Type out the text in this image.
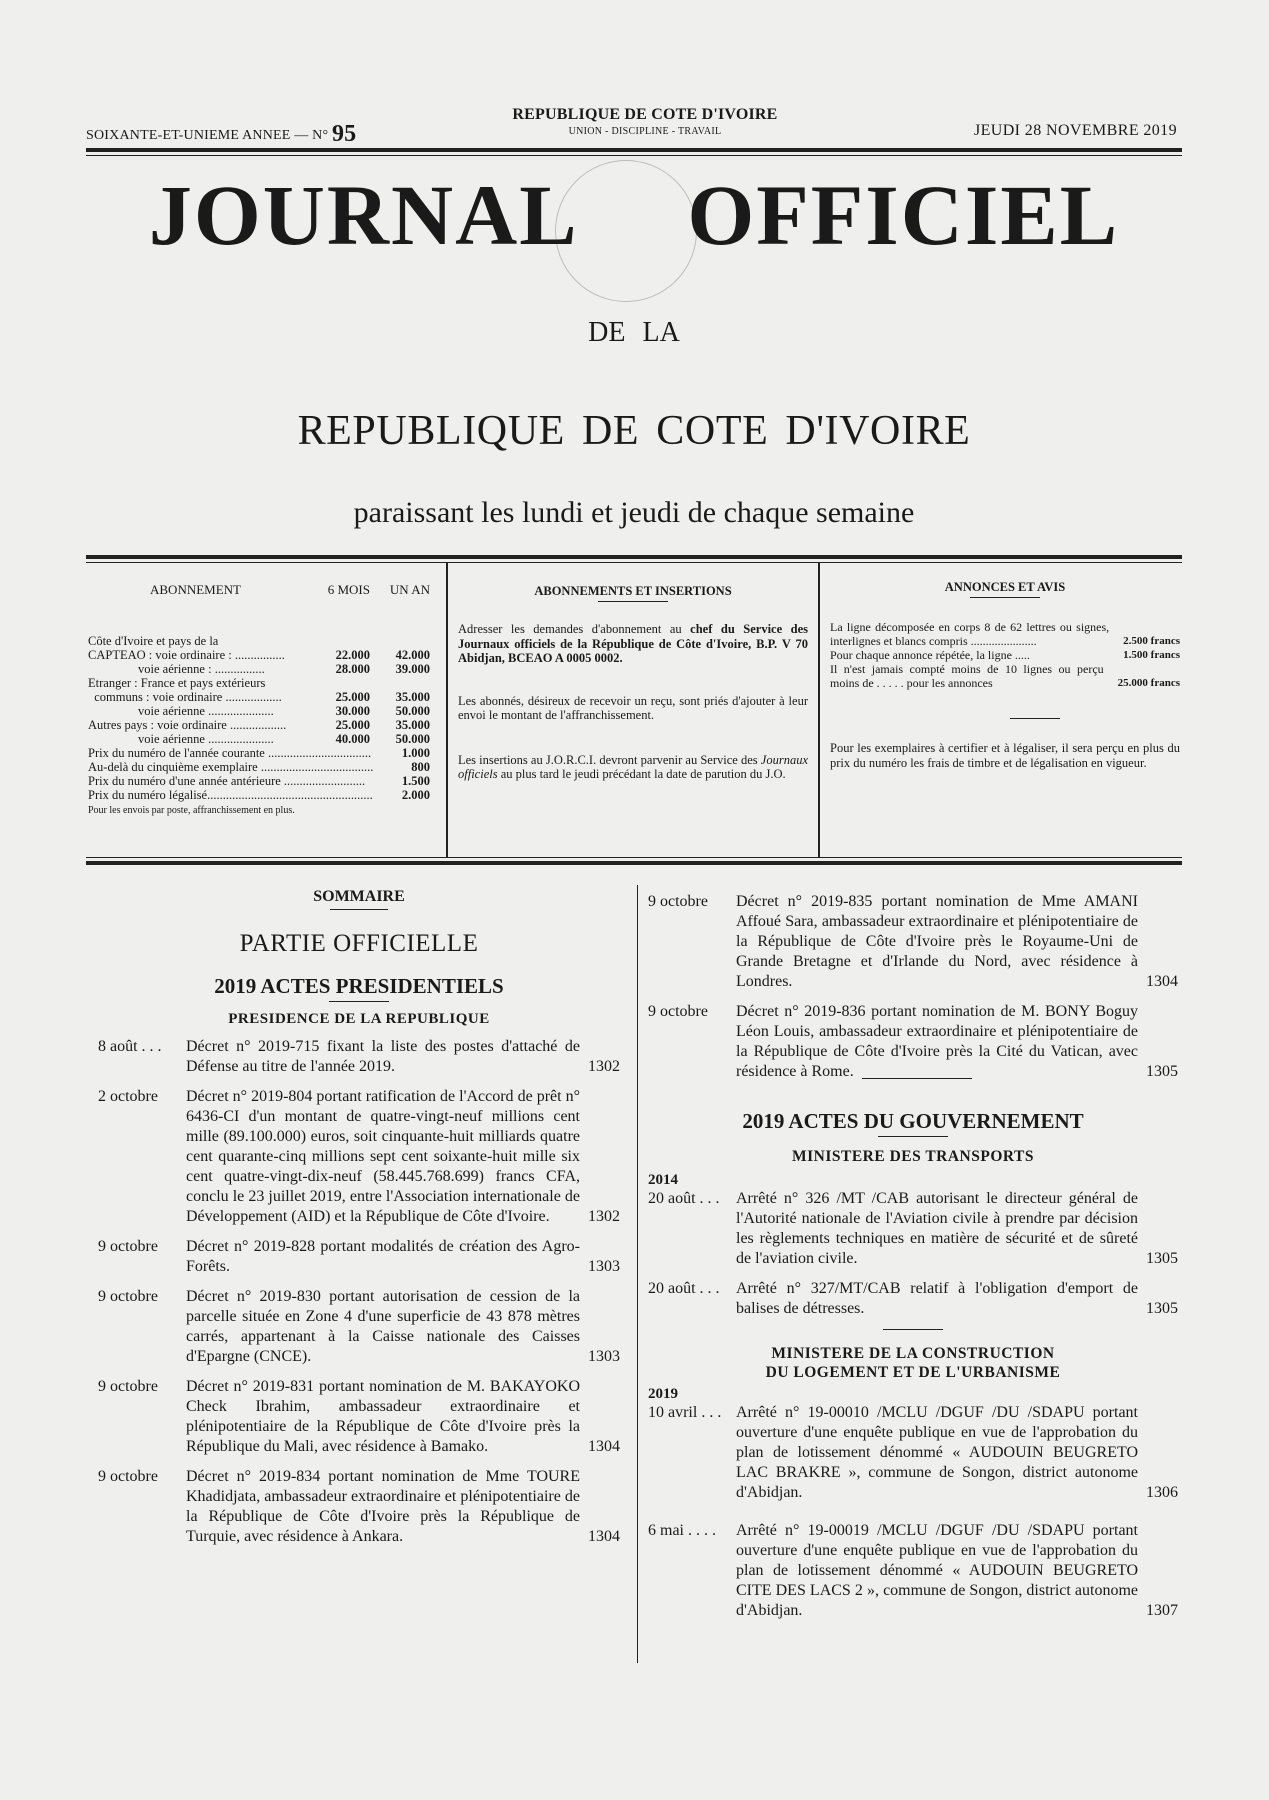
SOIXANTE-ET-UNIEME ANNEE — N° 95
REPUBLIQUE DE COTE D'IVOIRE
UNION - DISCIPLINE - TRAVAIL	JEUDI 28 NOVEMBRE 2019
JOURNAL OFFICIEL
DE LA
REPUBLIQUE DE COTE D'IVOIRE
paraissant les lundi et jeudi de chaque semaine
ABONNEMENT	6 MOIS	UN AN
Côte d'Ivoire et pays de la
CAPTEAO : voie ordinaire : ................	22.000	42.000
voie aérienne : ................	28.000	39.000
Etranger : France et pays extérieurs
communs : voie ordinaire ..................	25.000	35.000
voie aérienne .....................	30.000	50.000
Autres pays : voie ordinaire ..................	25.000	35.000
voie aérienne .....................	40.000	50.000
Prix du numéro de l'année courante ................................. 1.000
Au-delà du cinquième exemplaire ....................................	800
Prix du numéro d'une année antérieure ..........................	1.500
Prix du numéro légalisé..................................................... 2.000
Pour les envois par poste, affranchissement en plus.
ABONNEMENTS ET INSERTIONS
Adresser les demandes d'abonnement au chef du Service des Journaux officiels de la République de Côte d'Ivoire, B.P. V 70 Abidjan, BCEAO A 0005 0002.
Les abonnés, désireux de recevoir un reçu, sont priés d'ajouter à leur envoi le montant de l'affranchissement.
Les insertions au J.O.R.C.I. devront parvenir au Service des Journaux officiels au plus tard le jeudi précédant la date de parution du J.O.
ANNONCES ET AVIS
La ligne décomposée en corps 8 de 62 lettres ou signes, interlignes et blancs compris ......................	2.500 francs
Pour chaque annonce répétée, la ligne .....	1.500 francs
Il n'est jamais compté moins de 10 lignes ou perçu moins de . . . . . pour les annonces	25.000 francs
Pour les exemplaires à certifier et à légaliser, il sera perçu en plus du prix du numéro les frais de timbre et de légalisation en vigueur.
SOMMAIRE
PARTIE OFFICIELLE
2019 ACTES PRESIDENTIELS
PRESIDENCE DE LA REPUBLIQUE
8 août . . .	Décret n° 2019-715 fixant la liste des postes d'attaché de Défense au titre de l'année 2019.	1302
2 octobre	Décret n° 2019-804 portant ratification de l'Accord de prêt n° 6436-CI d'un montant de quatre-vingt-neuf millions cent mille (89.100.000) euros, soit cinquante-huit milliards quatre cent quarante-cinq millions sept cent soixante-huit mille six cent quatre-vingt-dix-neuf (58.445.768.699) francs CFA, conclu le 23 juillet 2019, entre l'Association internationale de Développement (AID) et la République de Côte d'Ivoire.	1302
9 octobre	Décret n° 2019-828 portant modalités de création des Agro-Forêts.	1303
9 octobre	Décret n° 2019-830 portant autorisation de cession de la parcelle située en Zone 4 d'une superficie de 43 878 mètres carrés, appartenant à la Caisse nationale des Caisses d'Epargne (CNCE).	1303
9 octobre	Décret n° 2019-831 portant nomination de M. BAKAYOKO Check Ibrahim, ambassadeur extraordinaire et plénipotentiaire de la République de Côte d'Ivoire près la République du Mali, avec résidence à Bamako.	1304
9 octobre	Décret n° 2019-834 portant nomination de Mme TOURE Khadidjata, ambassadeur extraordinaire et plénipotentiaire de la République de Côte d'Ivoire près la République de Turquie, avec résidence à Ankara.	1304
9 octobre	Décret n° 2019-835 portant nomination de Mme AMANI Affoué Sara, ambassadeur extraordinaire et plénipotentiaire de la République de Côte d'Ivoire près le Royaume-Uni de Grande Bretagne et d'Irlande du Nord, avec résidence à Londres.	1304
9 octobre	Décret n° 2019-836 portant nomination de M. BONY Boguy Léon Louis, ambassadeur extraordinaire et plénipotentiaire de la République de Côte d'Ivoire près la Cité du Vatican, avec résidence à Rome.	1305
2019 ACTES DU GOUVERNEMENT
MINISTERE DES TRANSPORTS
2014
20 août . . .	Arrêté n° 326 /MT /CAB autorisant le directeur général de l'Autorité nationale de l'Aviation civile à prendre par décision les règlements techniques en matière de sécurité et de sûreté de l'aviation civile.	1305
20 août . . .	Arrêté n° 327/MT/CAB relatif à l'obligation d'emport de balises de détresses.	1305
MINISTERE DE LA CONSTRUCTION
DU LOGEMENT ET DE L'URBANISME
2019
10 avril . . . Arrêté n° 19-00010 /MCLU /DGUF /DU /SDAPU portant ouverture d'une enquête publique en vue de l'approbation du plan de lotissement dénommé « AUDOUIN BEUGRETO LAC BRAKRE », commune de Songon, district autonome d'Abidjan.	1306
6 mai . . . .	Arrêté n° 19-00019 /MCLU /DGUF /DU /SDAPU portant ouverture d'une enquête publique en vue de l'approbation du plan de lotissement dénommé « AUDOUIN BEUGRETO CITE DES LACS 2 », commune de Songon, district autonome d'Abidjan.	1307
